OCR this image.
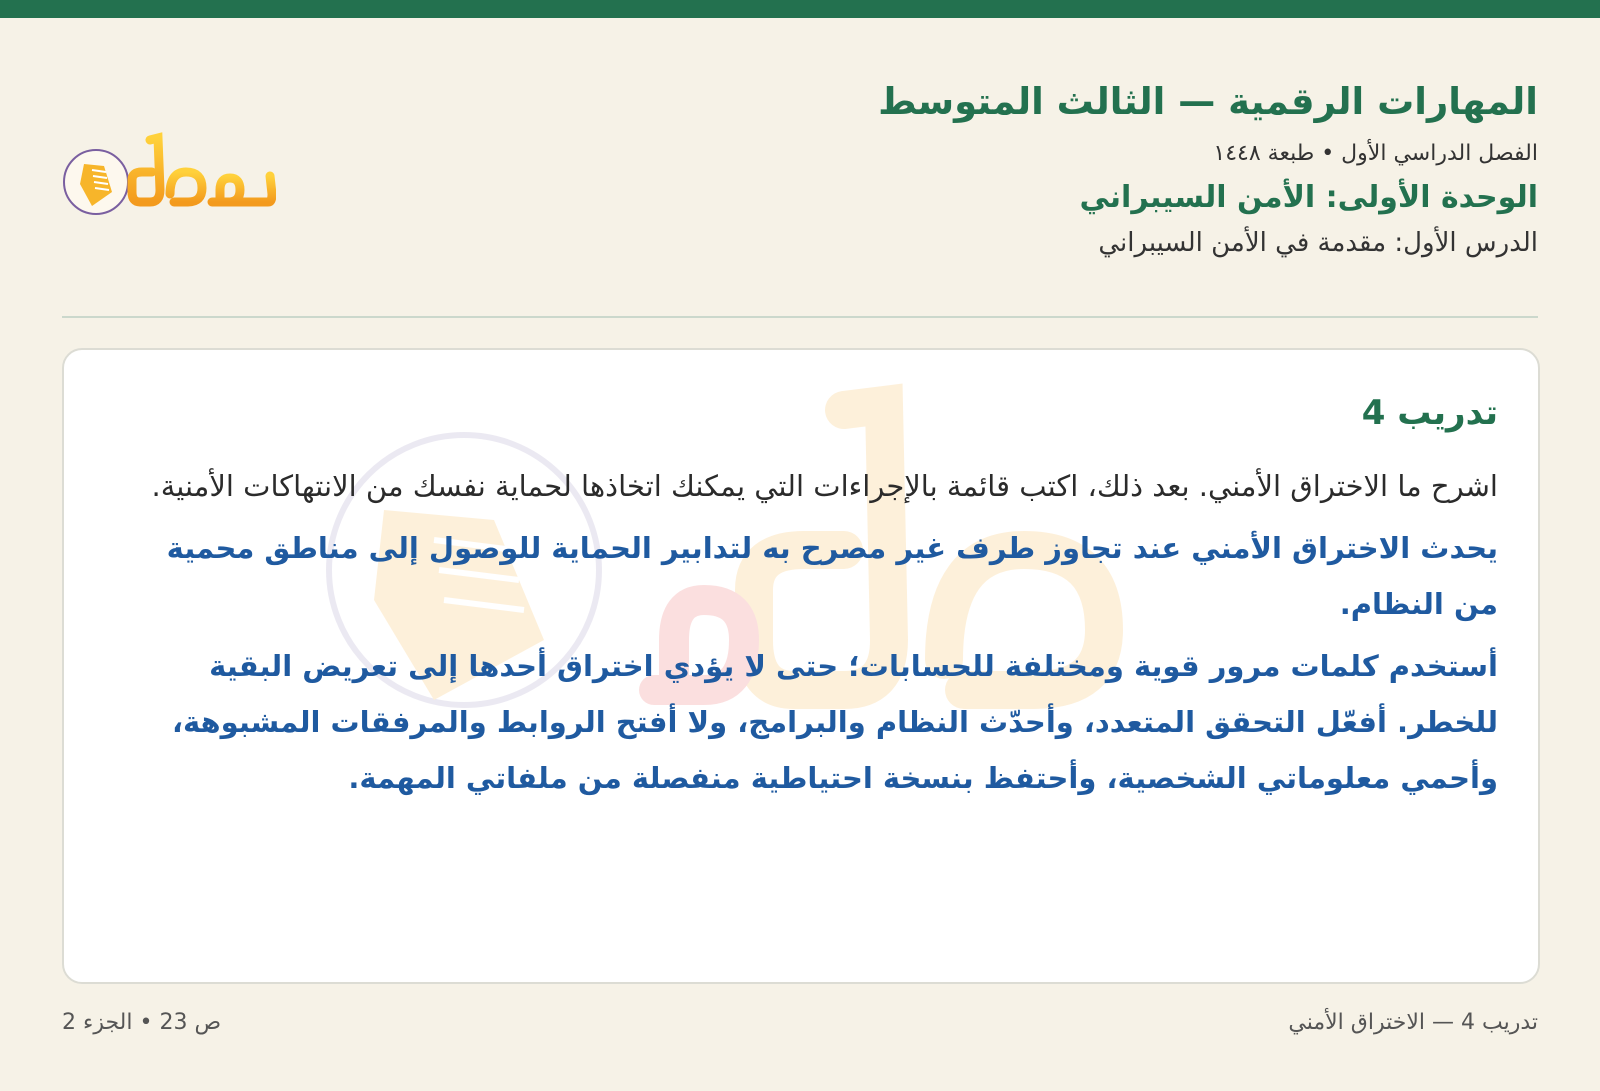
المهارات الرقمية — الثالث المتوسط
الفصل الدراسي الأول • طبعة ١٤٤٨
الوحدة الأولى: الأمن السيبراني
الدرس الأول: مقدمة في الأمن السيبراني
تدريب 4

اشرح ما الاختراق الأمني. بعد ذلك، اكتب قائمة بالإجراءات التي يمكنك اتخاذها لحماية نفسك من الانتهاكات الأمنية.

يحدث الاختراق الأمني عند تجاوز طرف غير مصرح به لتدابير الحماية للوصول إلى مناطق محمية من النظام.

أستخدم كلمات مرور قوية ومختلفة للحسابات؛ حتى لا يؤدي اختراق أحدها إلى تعريض البقية للخطر. أفعّل التحقق المتعدد، وأحدّث النظام والبرامج، ولا أفتح الروابط والمرفقات المشبوهة، وأحمي معلوماتي الشخصية، وأحتفظ بنسخة احتياطية منفصلة من ملفاتي المهمة.

تدريب 4 — الاختراق الأمني
ص 23 • الجزء 2
